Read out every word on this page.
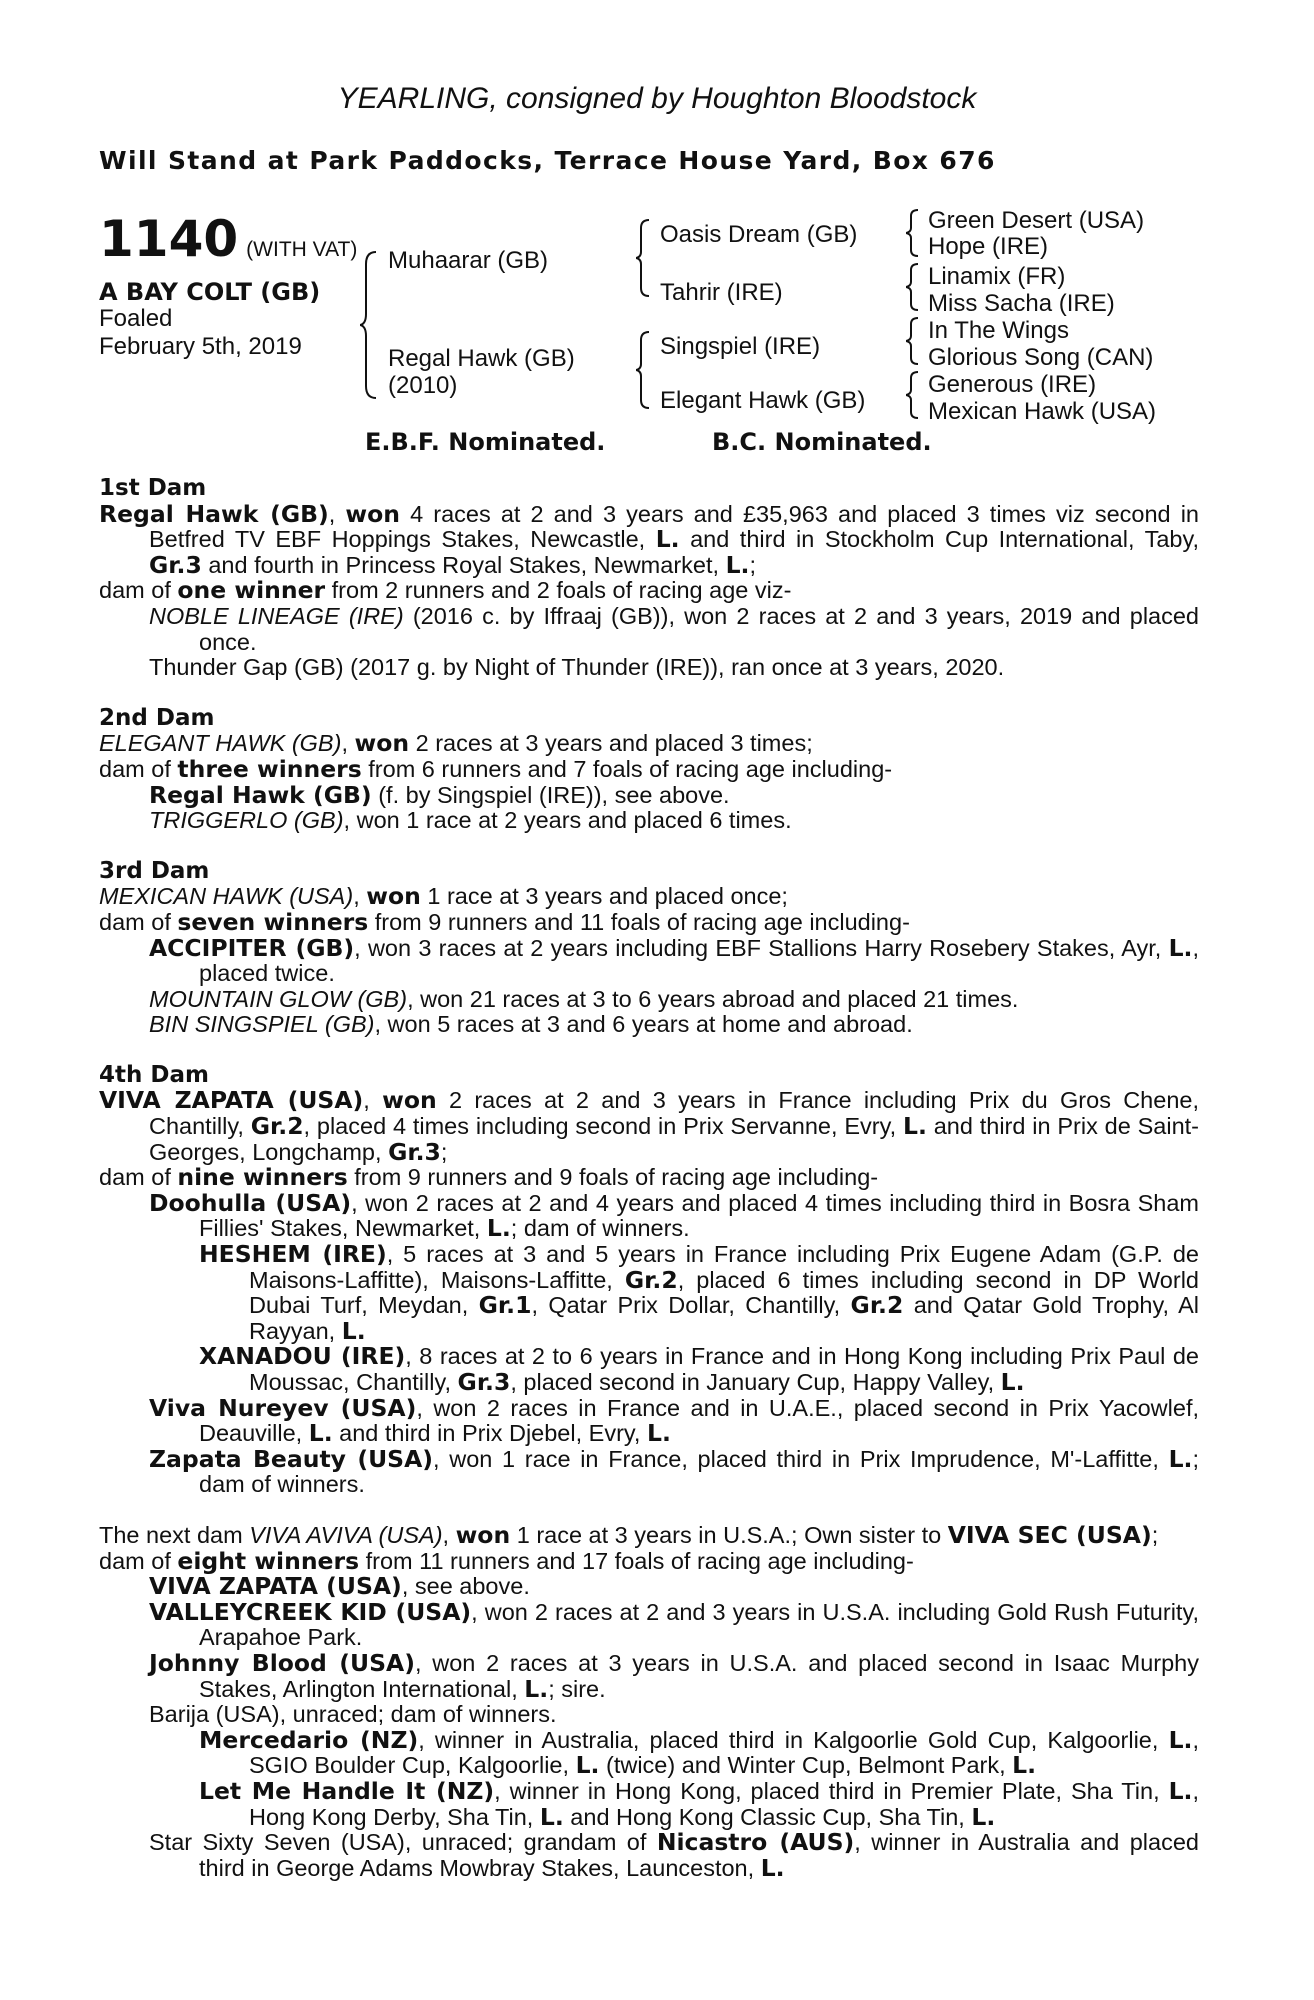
YEARLING, consigned by Houghton Bloodstock
Will Stand at Park Paddocks, Terrace House Yard, Box 676
1140 (WITH VAT)
A BAY COLT (GB)
Foaled
February 5th, 2019
Muhaarar (GB)
Regal Hawk (GB)
(2010)
Oasis Dream (GB)
Tahrir (IRE)
Singspiel (IRE)
Elegant Hawk (GB)
Green Desert (USA)
Hope (IRE)
Linamix (FR)
Miss Sacha (IRE)
In The Wings
Glorious Song (CAN)
Generous (IRE)
Mexican Hawk (USA)
E.B.F. Nominated.	B.C. Nominated.
1st Dam
Regal Hawk (GB), won 4 races at 2 and 3 years and £35,963 and placed 3 times viz second in Betfred TV EBF Hoppings Stakes, Newcastle, L. and third in Stockholm Cup International, Taby, Gr.3 and fourth in Princess Royal Stakes, Newmarket, L.;
dam of one winner from 2 runners and 2 foals of racing age viz-
NOBLE LINEAGE (IRE) (2016 c. by Iffraaj (GB)), won 2 races at 2 and 3 years, 2019 and placed once.
Thunder Gap (GB) (2017 g. by Night of Thunder (IRE)), ran once at 3 years, 2020.
2nd Dam
ELEGANT HAWK (GB), won 2 races at 3 years and placed 3 times;
dam of three winners from 6 runners and 7 foals of racing age including-
Regal Hawk (GB) (f. by Singspiel (IRE)), see above.
TRIGGERLO (GB), won 1 race at 2 years and placed 6 times.
3rd Dam
MEXICAN HAWK (USA), won 1 race at 3 years and placed once;
dam of seven winners from 9 runners and 11 foals of racing age including-
ACCIPITER (GB), won 3 races at 2 years including EBF Stallions Harry Rosebery Stakes, Ayr, L., placed twice.
MOUNTAIN GLOW (GB), won 21 races at 3 to 6 years abroad and placed 21 times.
BIN SINGSPIEL (GB), won 5 races at 3 and 6 years at home and abroad.
4th Dam
VIVA ZAPATA (USA), won 2 races at 2 and 3 years in France including Prix du Gros Chene, Chantilly, Gr.2, placed 4 times including second in Prix Servanne, Evry, L. and third in Prix de Saint-Georges, Longchamp, Gr.3;
dam of nine winners from 9 runners and 9 foals of racing age including-
Doohulla (USA), won 2 races at 2 and 4 years and placed 4 times including third in Bosra Sham Fillies' Stakes, Newmarket, L.; dam of winners.
HESHEM (IRE), 5 races at 3 and 5 years in France including Prix Eugene Adam (G.P. de Maisons-Laffitte), Maisons-Laffitte, Gr.2, placed 6 times including second in DP World Dubai Turf, Meydan, Gr.1, Qatar Prix Dollar, Chantilly, Gr.2 and Qatar Gold Trophy, Al Rayyan, L.
XANADOU (IRE), 8 races at 2 to 6 years in France and in Hong Kong including Prix Paul de Moussac, Chantilly, Gr.3, placed second in January Cup, Happy Valley, L.
Viva Nureyev (USA), won 2 races in France and in U.A.E., placed second in Prix Yacowlef, Deauville, L. and third in Prix Djebel, Evry, L.
Zapata Beauty (USA), won 1 race in France, placed third in Prix Imprudence, M'-Laffitte, L.; dam of winners.
The next dam VIVA AVIVA (USA), won 1 race at 3 years in U.S.A.; Own sister to VIVA SEC (USA);
dam of eight winners from 11 runners and 17 foals of racing age including-
VIVA ZAPATA (USA), see above.
VALLEYCREEK KID (USA), won 2 races at 2 and 3 years in U.S.A. including Gold Rush Futurity, Arapahoe Park.
Johnny Blood (USA), won 2 races at 3 years in U.S.A. and placed second in Isaac Murphy Stakes, Arlington International, L.; sire.
Barija (USA), unraced; dam of winners.
Mercedario (NZ), winner in Australia, placed third in Kalgoorlie Gold Cup, Kalgoorlie, L., SGIO Boulder Cup, Kalgoorlie, L. (twice) and Winter Cup, Belmont Park, L.
Let Me Handle It (NZ), winner in Hong Kong, placed third in Premier Plate, Sha Tin, L., Hong Kong Derby, Sha Tin, L. and Hong Kong Classic Cup, Sha Tin, L.
Star Sixty Seven (USA), unraced; grandam of Nicastro (AUS), winner in Australia and placed third in George Adams Mowbray Stakes, Launceston, L.
